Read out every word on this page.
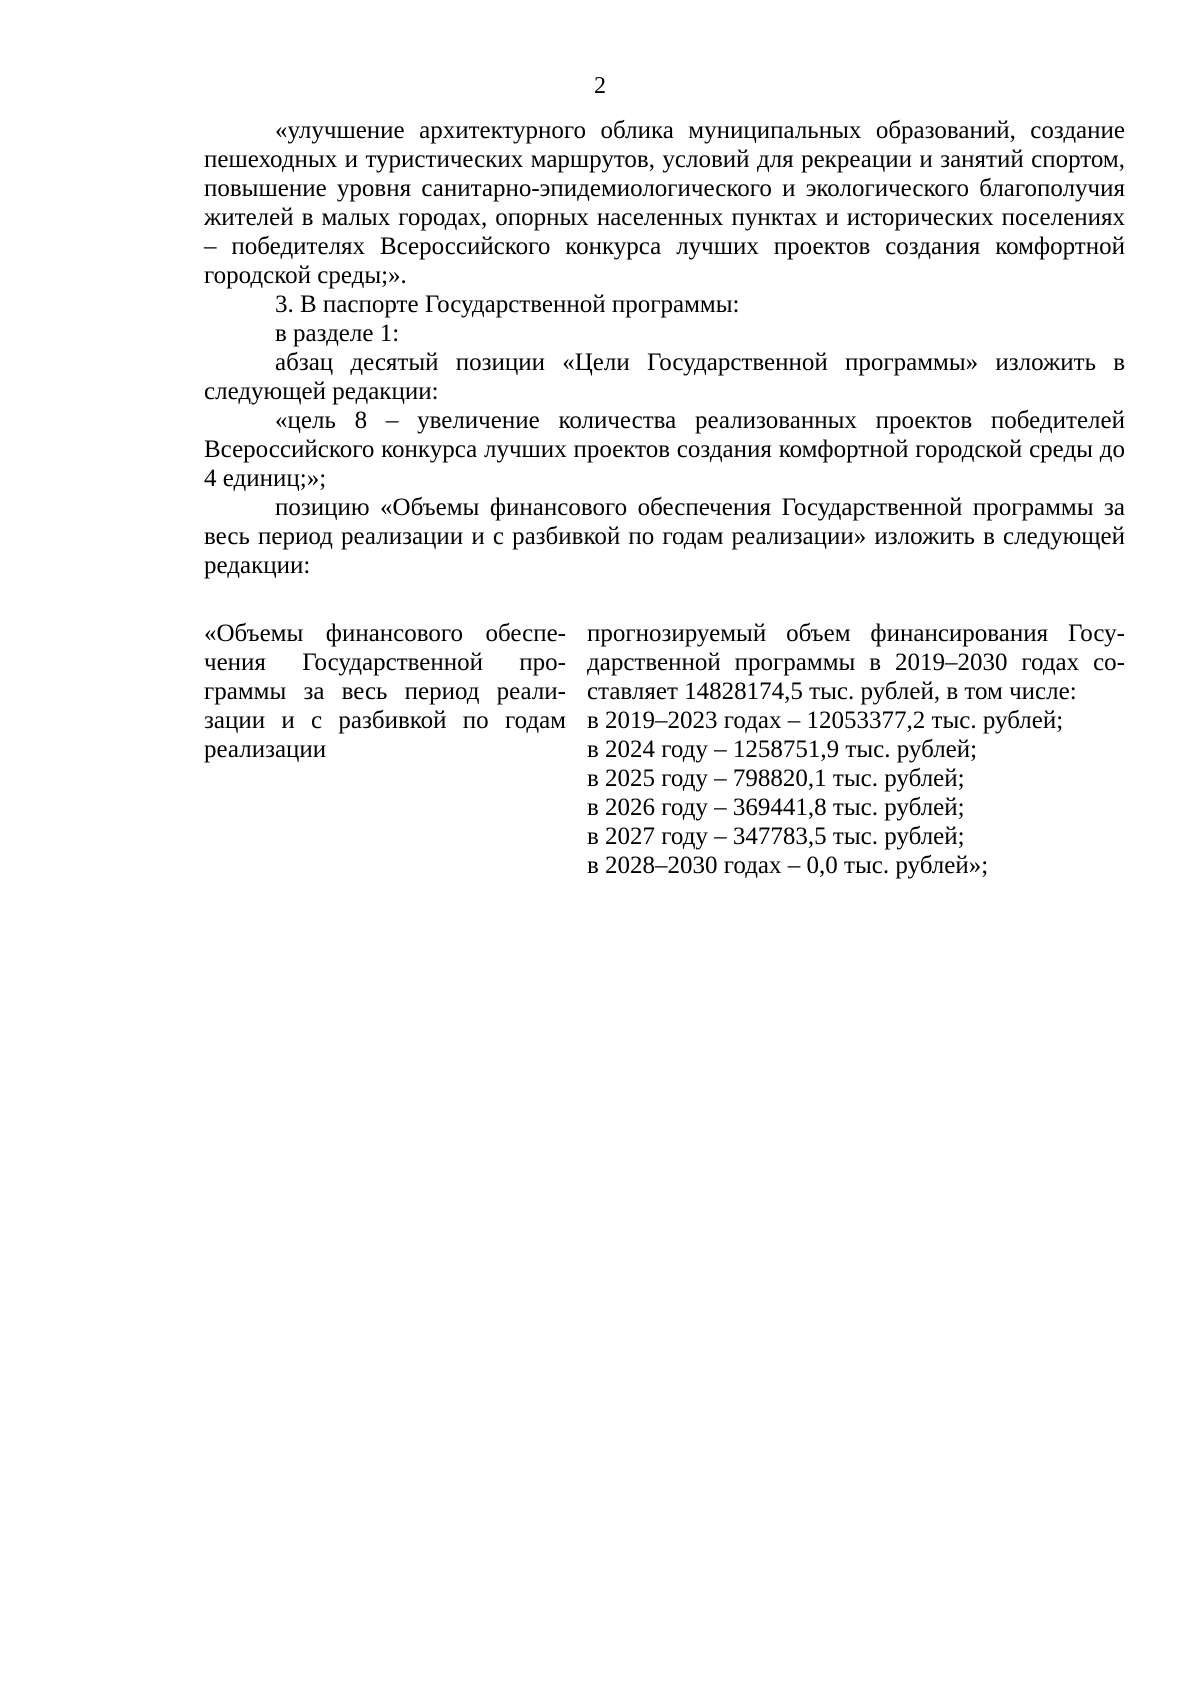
2

«улучшение архитектурного облика муниципальных образований, создание пешеходных и туристических маршрутов, условий для рекреации и занятий спортом, повышение уровня санитарно-эпидемиологического и экологического благополучия жителей в малых городах, опорных населенных пунктах и исторических поселениях – победителях Всероссийского конкурса лучших проектов создания комфортной городской среды;».

3. В паспорте Государственной программы:

в разделе 1:

абзац десятый позиции «Цели Государственной программы» изложить в следующей редакции:

«цель 8 – увеличение количества реализованных проектов победителей Всероссийского конкурса лучших проектов создания комфортной городской среды до 4 единиц;»;

позицию «Объемы финансового обеспечения Государственной программы за весь период реализации и с разбивкой по годам реализации» изложить в следующей редакции:

«Объемы финансового обеспечения Государственной программы за весь период реализации и с разбивкой по годам реализации

прогнозируемый объем финансирования Государственной программы в 2019–2030 годах составляет 14828174,5 тыс. рублей, в том числе:
в 2019–2023 годах – 12053377,2 тыс. рублей;
в 2024 году – 1258751,9 тыс. рублей;
в 2025 году – 798820,1 тыс. рублей;
в 2026 году – 369441,8 тыс. рублей;
в 2027 году – 347783,5 тыс. рублей;
в 2028–2030 годах – 0,0 тыс. рублей»;
